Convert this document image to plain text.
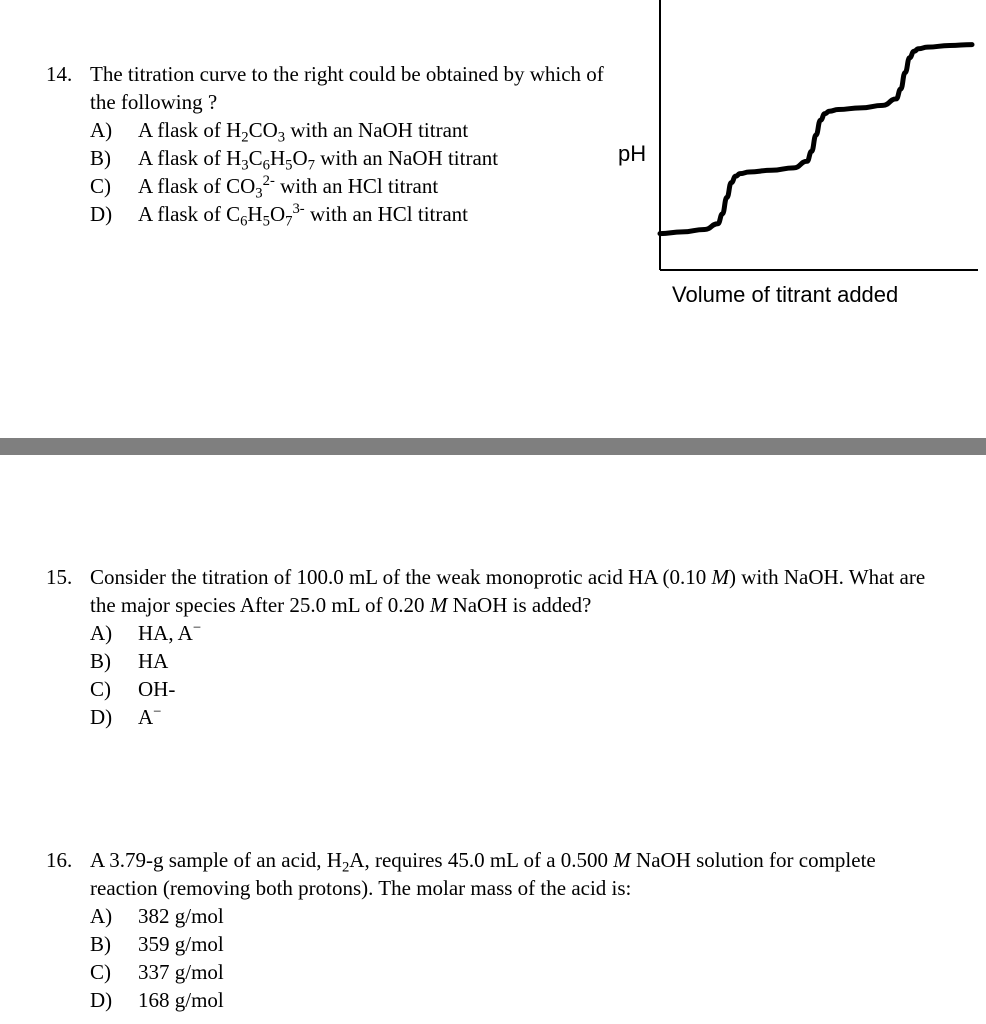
14. The titration curve to the right could be obtained by which of the following ?
A)	A flask of $H_2CO_3$ with an NaOH titrant
B)	A flask of $H_3C_6H_5O_7$ with an NaOH titrant
C)	A flask of $CO_3^{2-}$ with an HCl titrant
D)	A flask of $C_6H_5O_7^{3-}$ with an HCl titrant
pH
Volume of titrant added
15. Consider the titration of 100.0 mL of the weak monoprotic acid HA (0.10 M) with NaOH. What are the major species After 25.0 mL of 0.20 M NaOH is added?
A)	HA, A−
B)	HA
C)	OH-
D)	A−
16. A 3.79-g sample of an acid, $H_2A$, requires 45.0 mL of a 0.500 M NaOH solution for complete reaction (removing both protons). The molar mass of the acid is:
A)	382 g/mol
B)	359 g/mol
C)	337 g/mol
D)	168 g/mol
